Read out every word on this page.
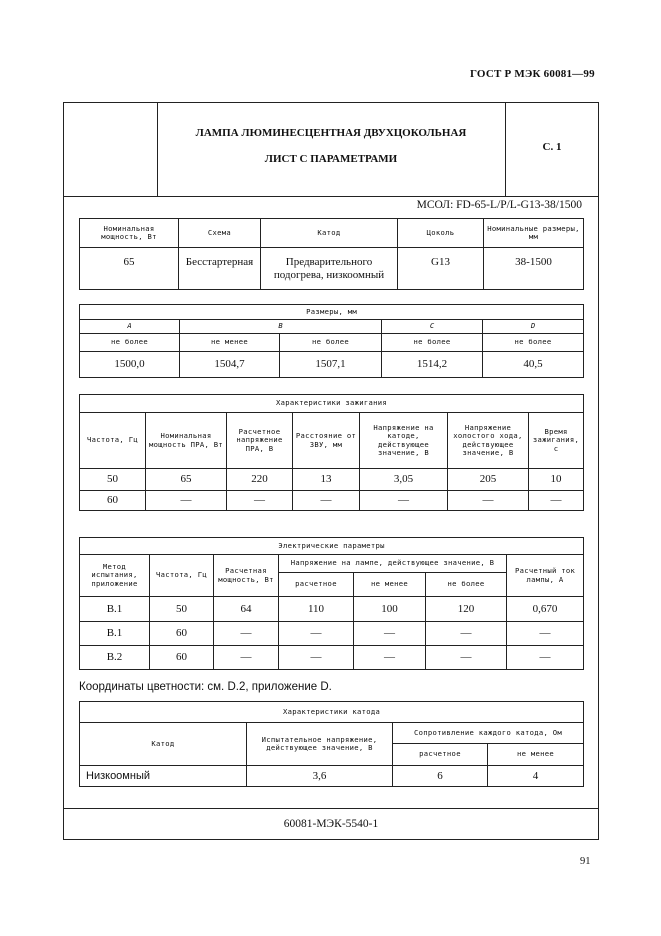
ГОСТ Р МЭК 60081—99
ЛАМПА ЛЮМИНЕСЦЕНТНАЯ ДВУХЦОКОЛЬНАЯ
ЛИСТ С ПАРАМЕТРАМИ
С. 1
МСОЛ: FD-65-L/P/L-G13-38/1500
Номинальная мощность, Вт	Схема	Катод	Цоколь	Номинальные размеры, мм
65	Бесстартерная	Предварительного подогрева, низкоомный	G13	38-1500
Размеры, мм				
A	B		C	D
не более	не менее	не более	не более	не более
1500,0	1504,7	1507,1	1514,2	40,5
Характеристики зажигания						
Частота, Гц	Номинальная мощность ПРА, Вт	Расчетное напряжение ПРА, В	Расстояние от ЗВУ, мм	Напряжение на катоде, действующее значение, В	Напряжение холостого хода, действующее значение, В	Время зажигания, с
50	65	220	13	3,05	205	10
60	—	—	—	—	—	—
Электрические параметры						
Метод испытания, приложение	Частота, Гц	Расчетная мощность, Вт	Напряжение на лампе, действующее значение, В			Расчетный ток лампы, А
			расчетное	не менее	не более	
B.1	50	64	110	100	120	0,670
B.1	60	—	—	—	—	—
B.2	60	—	—	—	—	—
Координаты цветности: см. D.2, приложение D.
Характеристики катода			
Катод	Испытательное напряжение, действующее значение, В	Сопротивление каждого катода, Ом	
		расчетное	не менее
Низкоомный	3,6	6	4
60081-МЭК-5540-1
91
